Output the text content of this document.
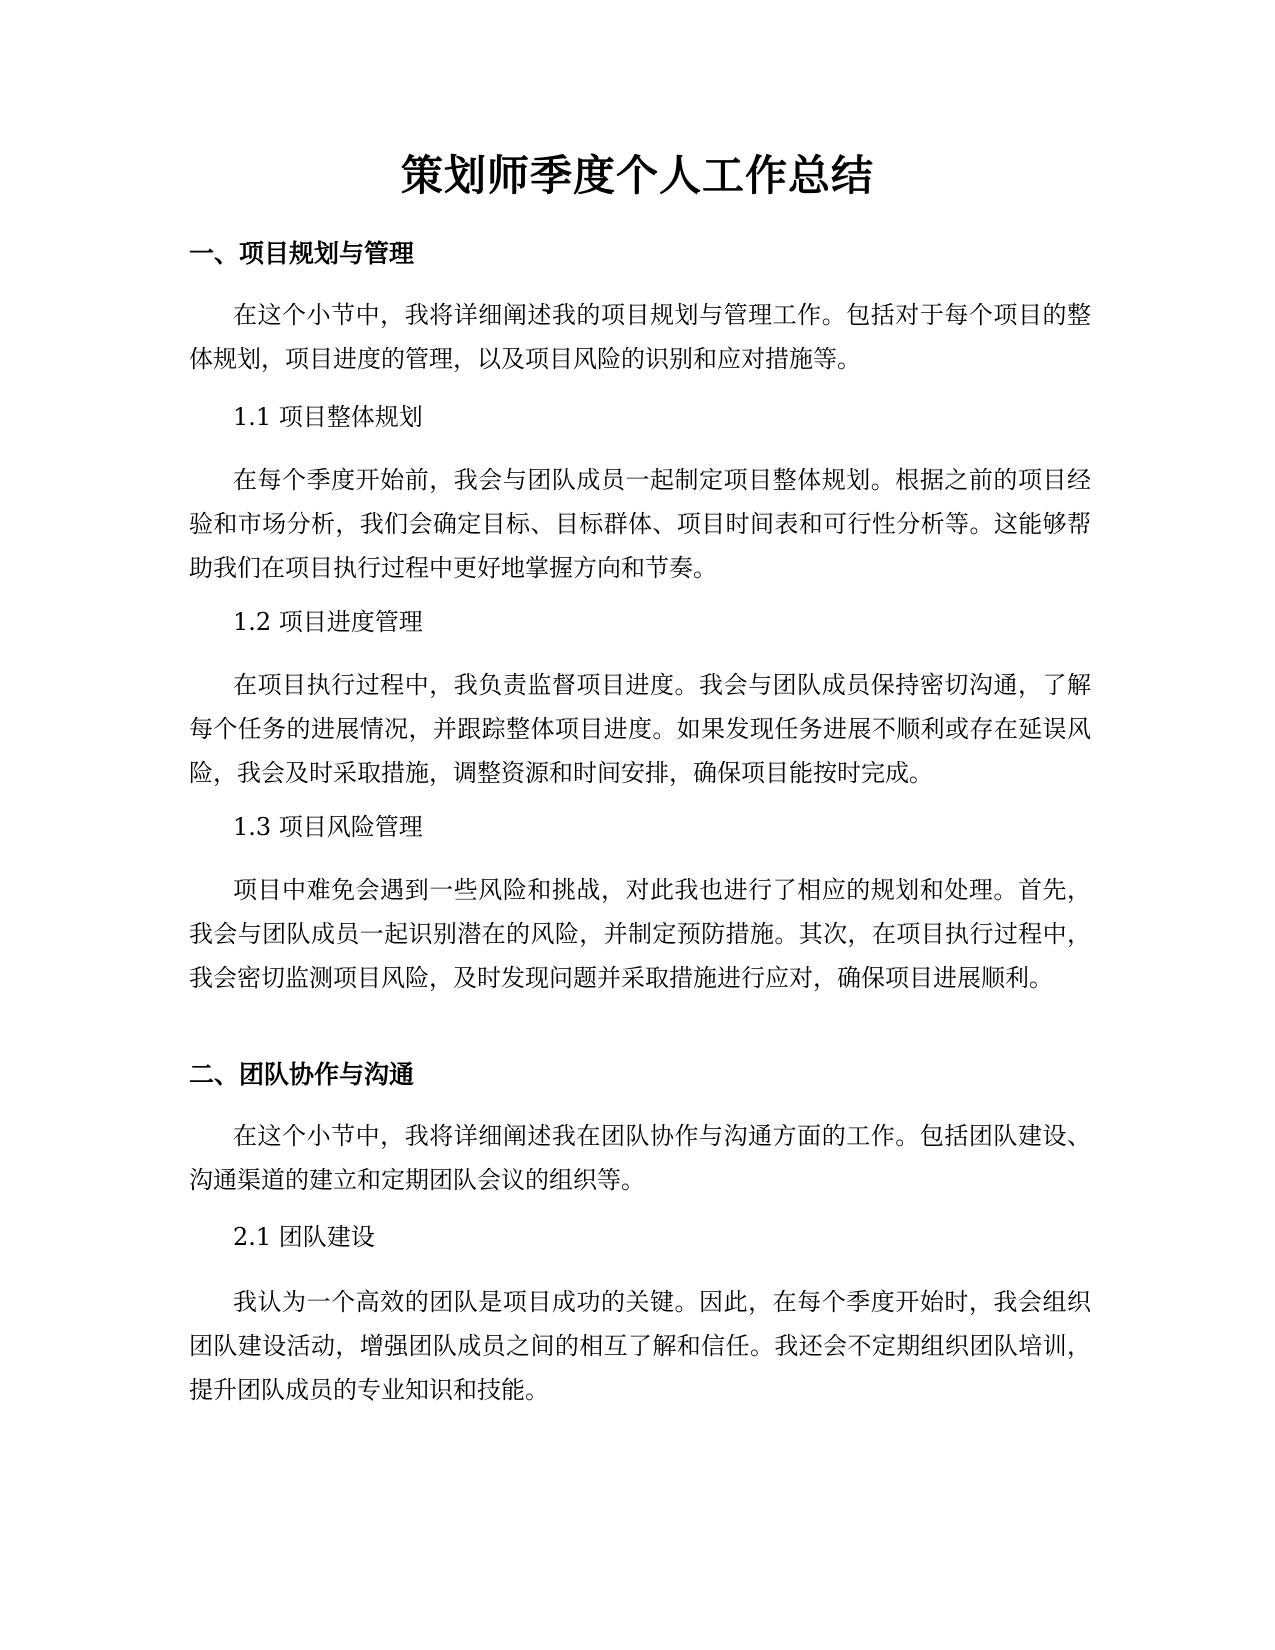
策划师季度个人工作总结
一、项目规划与管理
在这个小节中，我将详细阐述我的项目规划与管理工作。包括对于每个项目的整体规划，项目进度的管理，以及项目风险的识别和应对措施等。
1.1 项目整体规划
在每个季度开始前，我会与团队成员一起制定项目整体规划。根据之前的项目经验和市场分析，我们会确定目标、目标群体、项目时间表和可行性分析等。这能够帮助我们在项目执行过程中更好地掌握方向和节奏。
1.2 项目进度管理
在项目执行过程中，我负责监督项目进度。我会与团队成员保持密切沟通，了解每个任务的进展情况，并跟踪整体项目进度。如果发现任务进展不顺利或存在延误风险，我会及时采取措施，调整资源和时间安排，确保项目能按时完成。
1.3 项目风险管理
项目中难免会遇到一些风险和挑战，对此我也进行了相应的规划和处理。首先，我会与团队成员一起识别潜在的风险，并制定预防措施。其次，在项目执行过程中，我会密切监测项目风险，及时发现问题并采取措施进行应对，确保项目进展顺利。
二、团队协作与沟通
在这个小节中，我将详细阐述我在团队协作与沟通方面的工作。包括团队建设、沟通渠道的建立和定期团队会议的组织等。
2.1 团队建设
我认为一个高效的团队是项目成功的关键。因此，在每个季度开始时，我会组织团队建设活动，增强团队成员之间的相互了解和信任。我还会不定期组织团队培训，提升团队成员的专业知识和技能。
